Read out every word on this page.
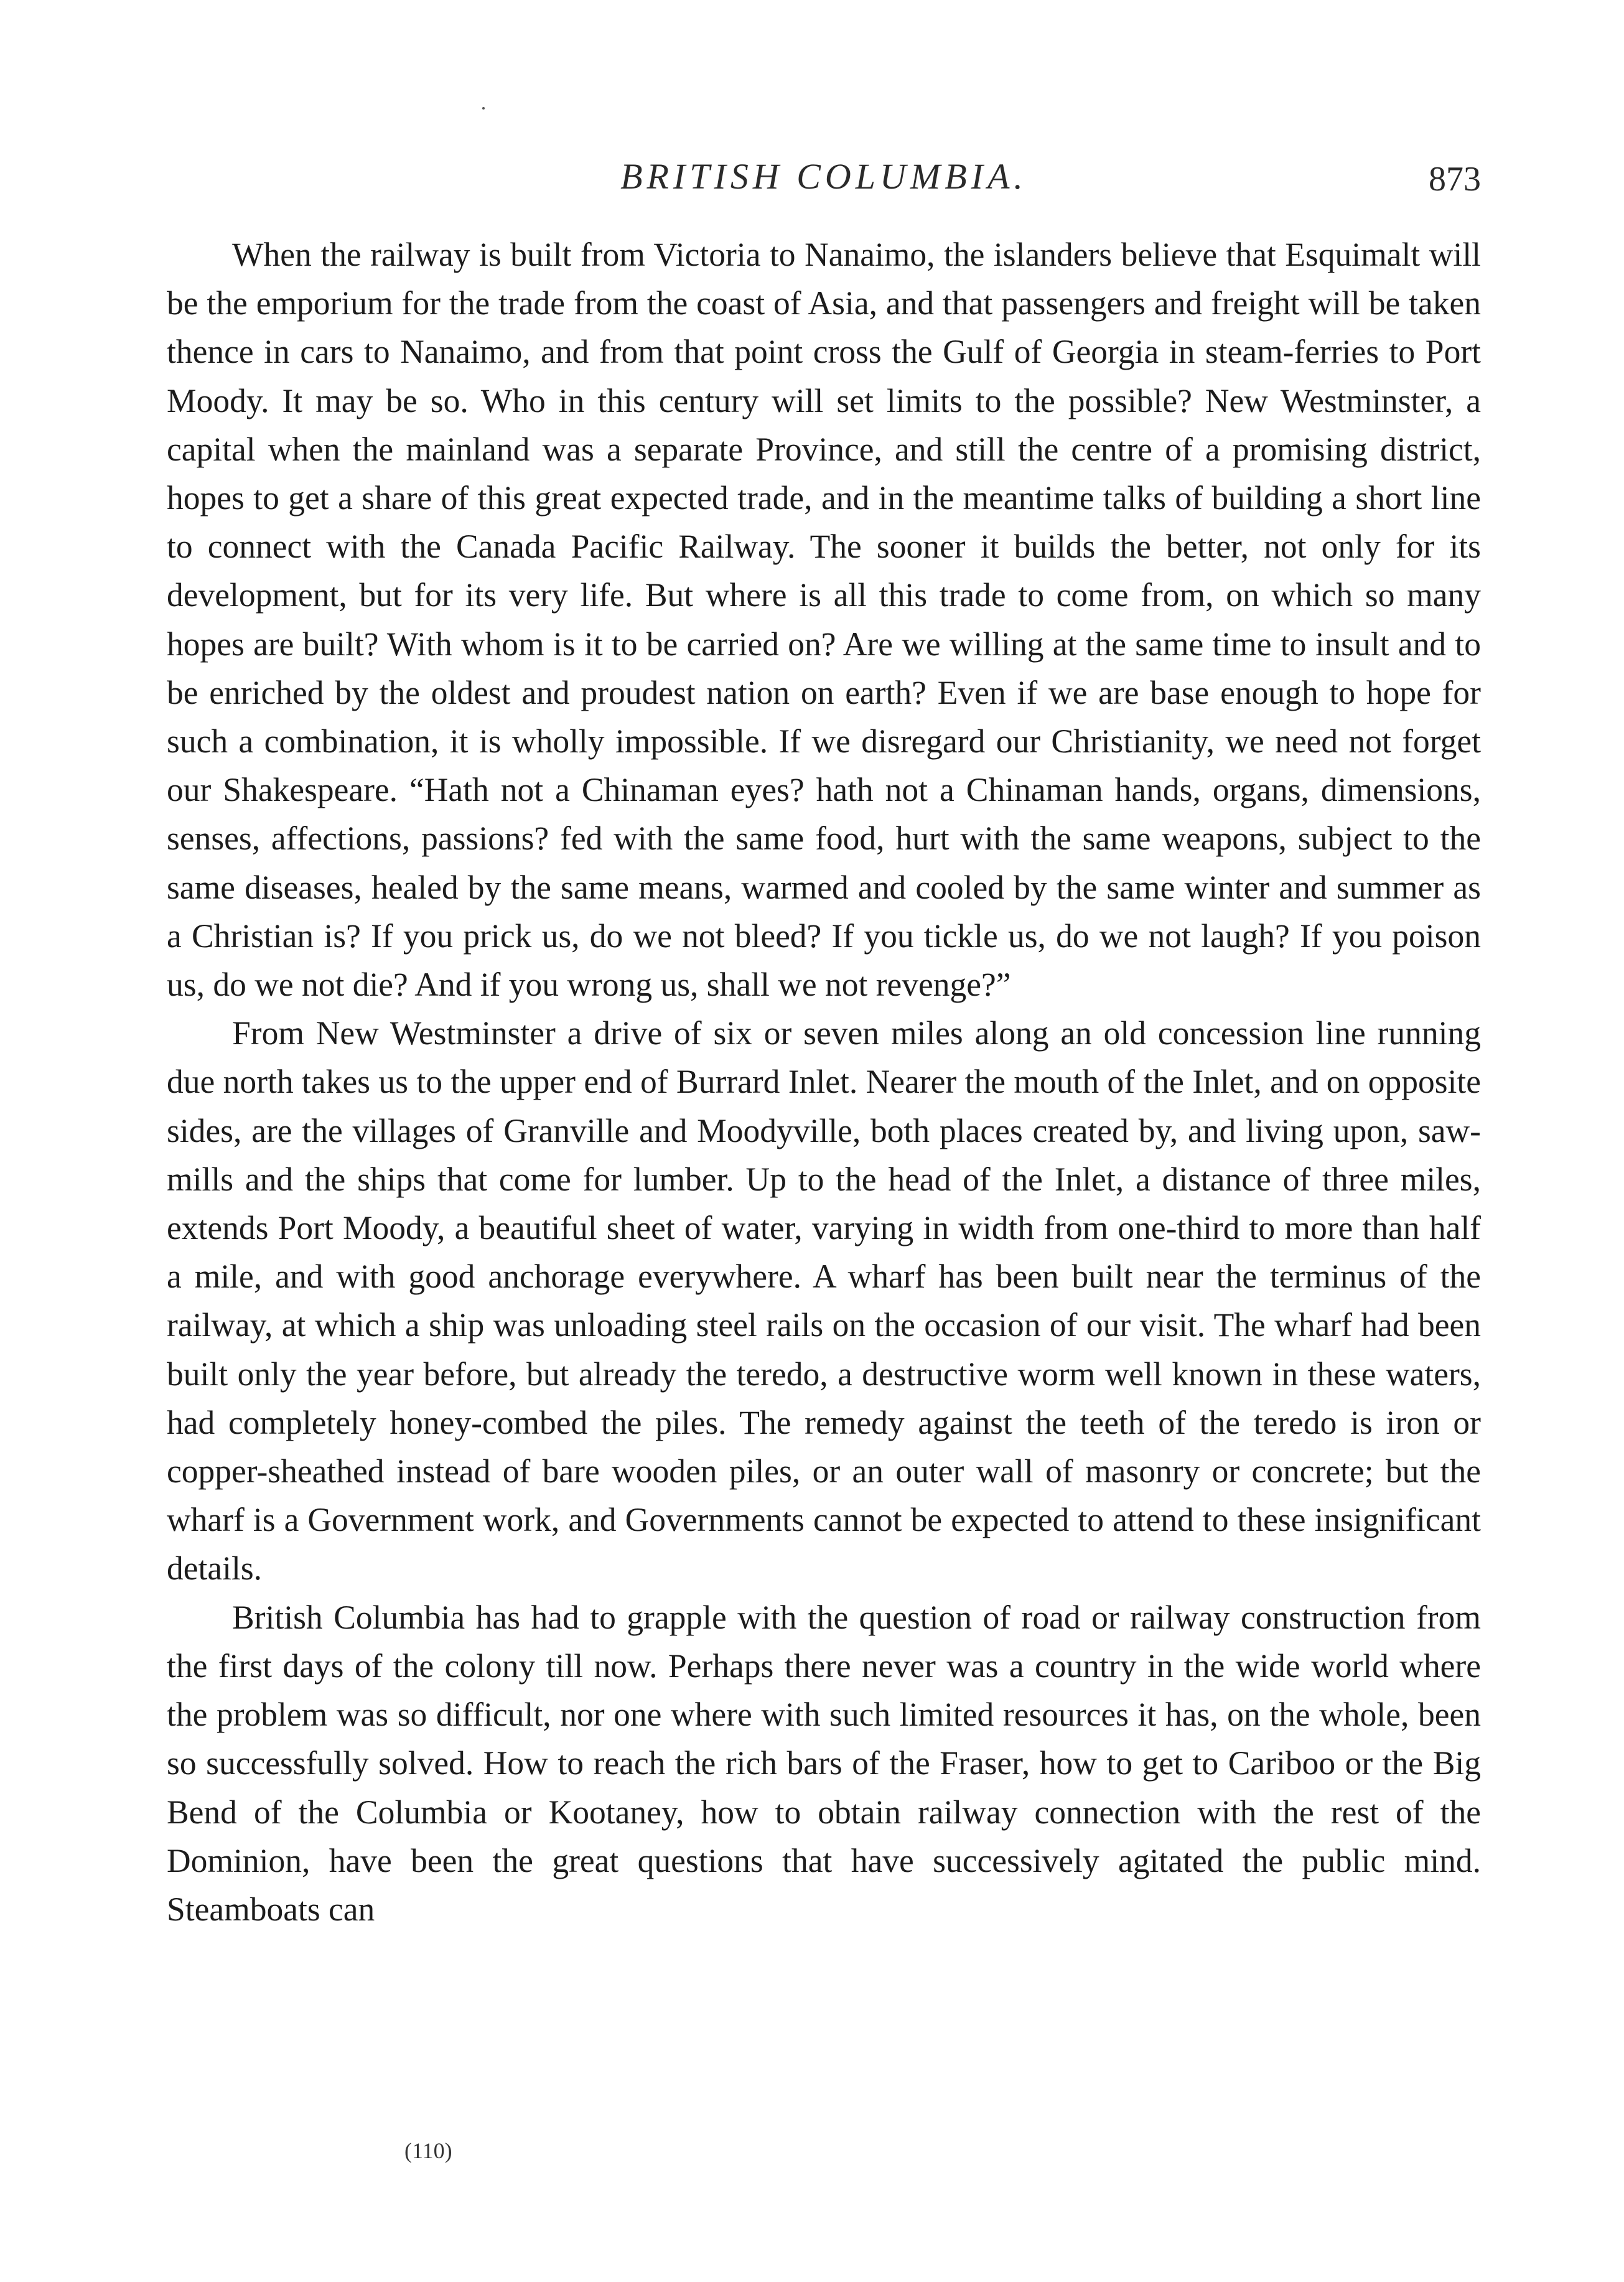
BRITISH COLUMBIA.	873

When the railway is built from Victoria to Nanaimo, the islanders believe that Esquimalt will be the emporium for the trade from the coast of Asia, and that passengers and freight will be taken thence in cars to Nanaimo, and from that point cross the Gulf of Georgia in steam-ferries to Port Moody. It may be so. Who in this century will set limits to the possible? New Westminster, a capital when the mainland was a separate Province, and still the centre of a promising district, hopes to get a share of this great expected trade, and in the meantime talks of building a short line to connect with the Canada Pacific Railway. The sooner it builds the better, not only for its development, but for its very life. But where is all this trade to come from, on which so many hopes are built? With whom is it to be carried on? Are we willing at the same time to insult and to be enriched by the oldest and proudest nation on earth? Even if we are base enough to hope for such a combination, it is wholly impossible. If we disregard our Christianity, we need not forget our Shakespeare. “Hath not a Chinaman eyes? hath not a Chinaman hands, organs, dimensions, senses, affections, passions? fed with the same food, hurt with the same weapons, subject to the same diseases, healed by the same means, warmed and cooled by the same winter and summer as a Christian is? If you prick us, do we not bleed? If you tickle us, do we not laugh? If you poison us, do we not die? And if you wrong us, shall we not revenge?”

From New Westminster a drive of six or seven miles along an old concession line running due north takes us to the upper end of Burrard Inlet. Nearer the mouth of the Inlet, and on opposite sides, are the villages of Granville and Moodyville, both places created by, and living upon, saw-mills and the ships that come for lumber. Up to the head of the Inlet, a distance of three miles, extends Port Moody, a beautiful sheet of water, varying in width from one-third to more than half a mile, and with good anchorage everywhere. A wharf has been built near the terminus of the railway, at which a ship was unloading steel rails on the occasion of our visit. The wharf had been built only the year before, but already the teredo, a destructive worm well known in these waters, had completely honey-combed the piles. The remedy against the teeth of the teredo is iron or copper-sheathed instead of bare wooden piles, or an outer wall of masonry or concrete; but the wharf is a Government work, and Governments cannot be expected to attend to these insignificant details.

British Columbia has had to grapple with the question of road or railway construction from the first days of the colony till now. Perhaps there never was a country in the wide world where the problem was so difficult, nor one where with such limited resources it has, on the whole, been so successfully solved. How to reach the rich bars of the Fraser, how to get to Cariboo or the Big Bend of the Columbia or Kootaney, how to obtain railway connection with the rest of the Dominion, have been the great questions that have successively agitated the public mind. Steamboats can

(110)
